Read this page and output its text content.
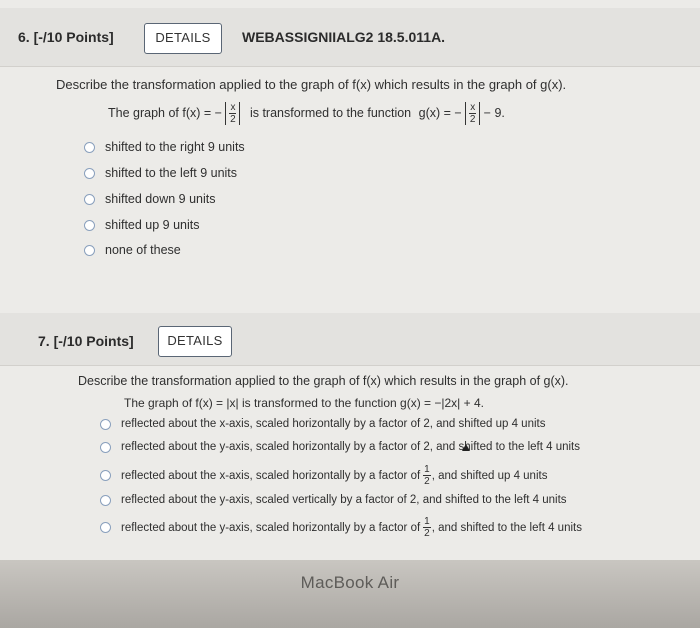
6. [-/10 Points]	DETAILS	WEBASSIGNIIALG2 18.5.011A.
Describe the transformation applied to the graph of f(x) which results in the graph of g(x).
The graph of f(x) = − $\frac{x}{2}$ is transformed to the function g(x) = − $\frac{x}{2} - 9$.
shifted to the right 9 units
shifted to the left 9 units
shifted down 9 units
shifted up 9 units
none of these
7. [-/10 Points]	DETAILS
Describe the transformation applied to the graph of f(x) which results in the graph of g(x).
The graph of f(x) = |x| is transformed to the function g(x) = −|2x| + 4.
reflected about the x-axis, scaled horizontally by a factor of 2, and shifted up 4 units
reflected about the y-axis, scaled horizontally by a factor of 2, and shifted to the left 4 units
reflected about the x-axis, scaled horizontally by a factor of $\frac{1}{2}$ , and shifted up 4 units
reflected about the y-axis, scaled vertically by a factor of 2, and shifted to the left 4 units
reflected about the y-axis, scaled horizontally by a factor of $\frac{1}{2}$ , and shifted to the left 4 units
MacBook Air
